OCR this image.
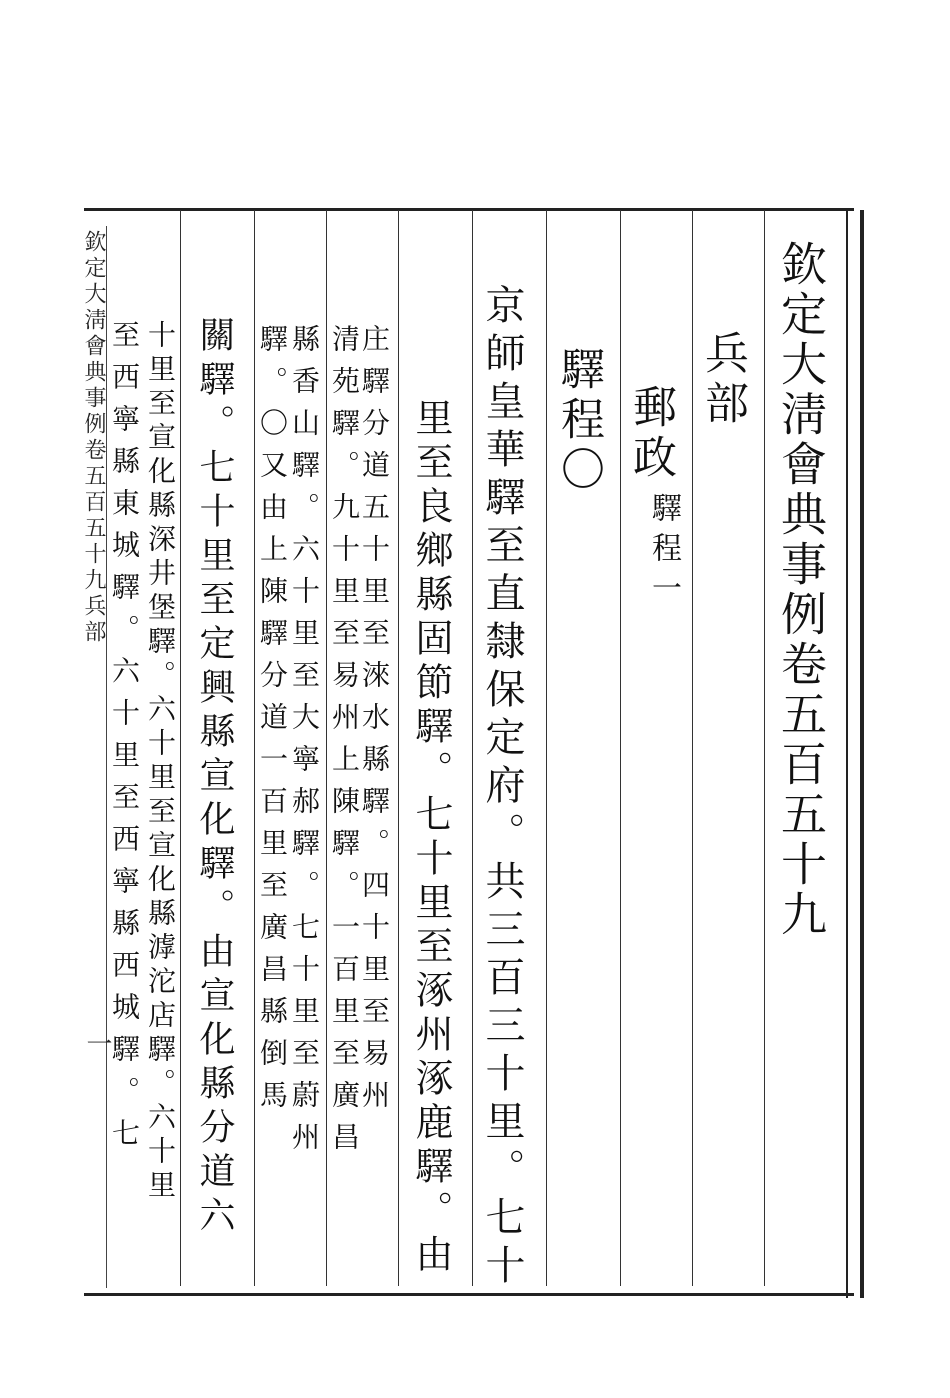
欽定大淸會典事例卷五百五十九
兵部
郵政
驛程一
驛程〇
京師皇華驛至直隸保定府。共三百三十里。七十
里至良鄉縣固節驛。七十里至涿州涿鹿驛。由
庄驛分道五十里至淶水縣驛。四十里至易州
清苑驛。九十里至易州上陳驛。一百里至廣昌
縣香山驛。六十里至大寧郝驛。七十里至蔚州
驛。〇又由上陳驛分道一百里至廣昌縣倒馬
關驛。七十里至定興縣宣化驛。由宣化縣分道六
十里至宣化縣深井堡驛。六十里至宣化縣滹沱店驛。六十里
至西寧縣東城驛。六十里至西寧縣西城驛。七
欽定大淸會典事例卷五百五十九兵部
一
